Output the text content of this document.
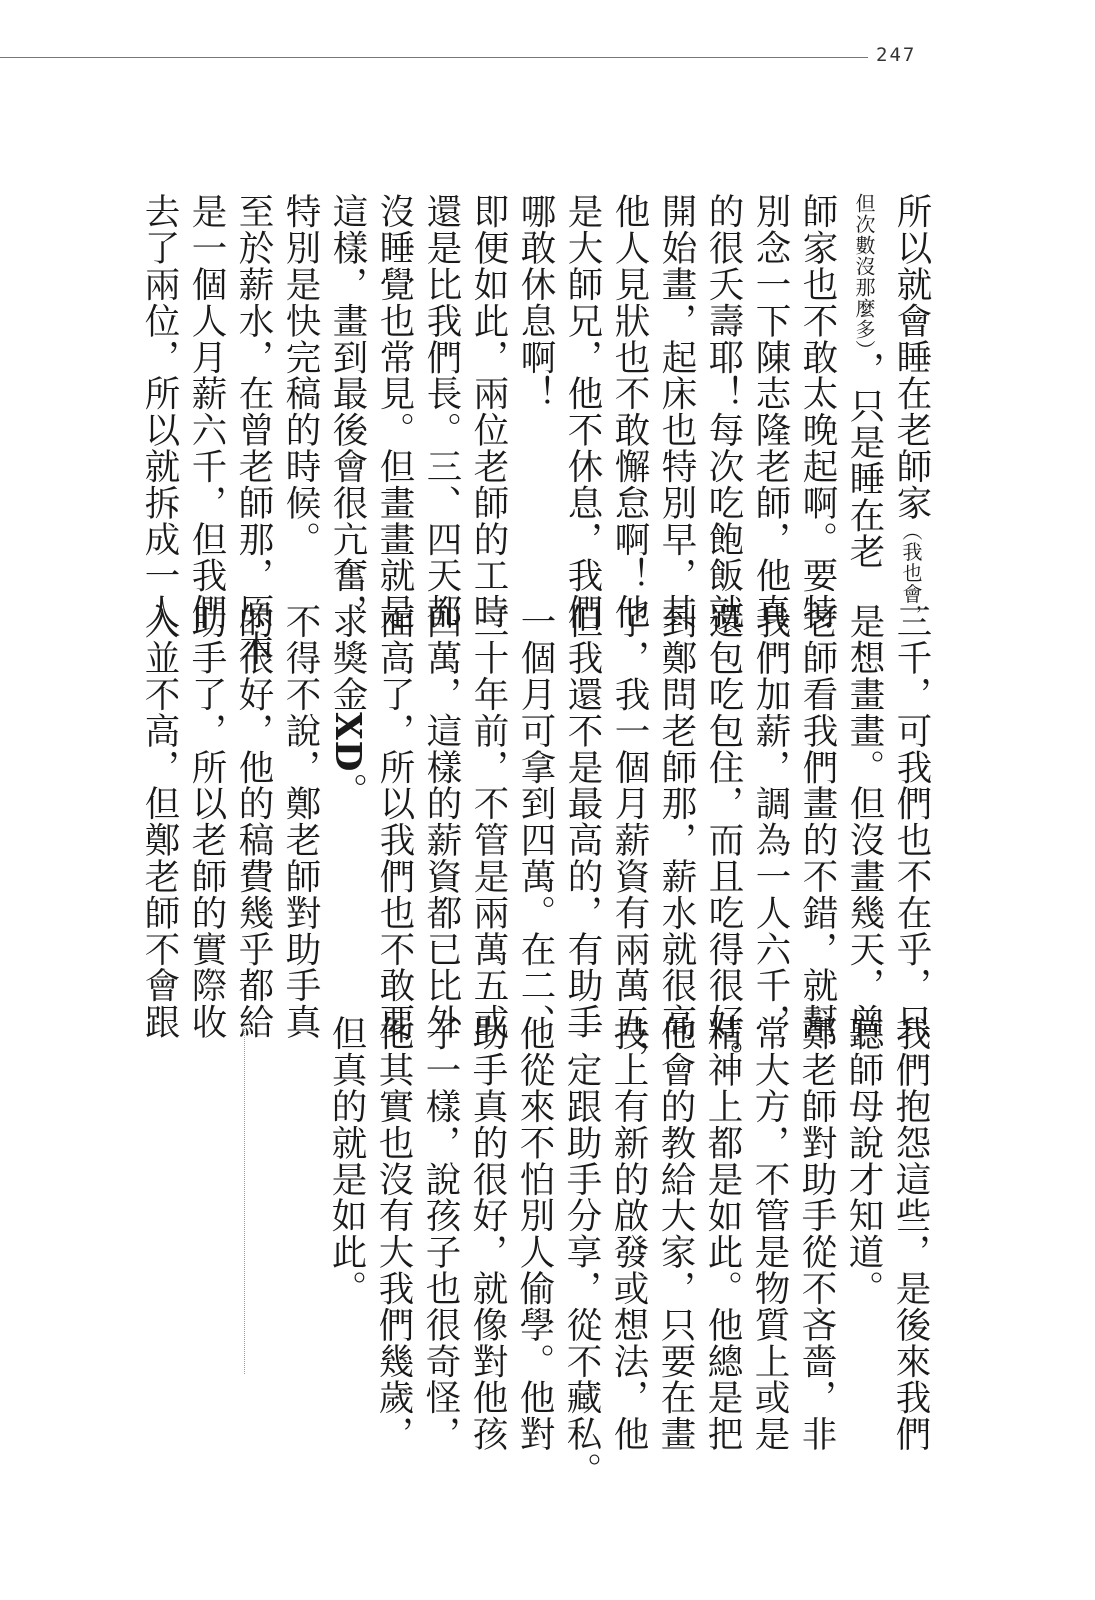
247
所以就會睡在老師家（我也會，
但次數沒那麼多），只是睡在老
師家也不敢太晚起啊。要特
別念一下陳志隆老師，他真
的很夭壽耶！每次吃飽飯就
開始畫，起床也特別早，其
他人見狀也不敢懈怠啊！他
是大師兄，他不休息，我們
哪敢休息啊！
即便如此，兩位老師的工時
還是比我們長。三、四天都
沒睡覺也常見。但畫畫就是
這樣，畫到最後會很亢奮，
特別是快完稿的時候。
至於薪水，在曾老師那，原本
是一個人月薪六千，但我們
去了兩位，所以就拆成一人
三千，可我們也不在乎，只
是想畫畫。但沒畫幾天，曾
老師看我們畫的不錯，就幫
我們加薪，調為一人六千，
還包吃包住，而且吃得很好。
到鄭問老師那，薪水就很高
了，我一個月薪資有兩萬五，
但我還不是最高的，有助手
一個月可拿到四萬。在二、
三十年前，不管是兩萬五或
四萬，這樣的薪資都已比外
面高了，所以我們也不敢要
求獎金XD。
不得不說，鄭老師對助手真
的很好，他的稿費幾乎都給
助手了，所以老師的實際收
入並不高，但鄭老師不會跟
我們抱怨這些，是後來我們
聽師母說才知道。
鄭老師對助手從不吝嗇，非
常大方，不管是物質上或是
精神上都是如此。他總是把
他會的教給大家，只要在畫
技上有新的啟發或想法，他
一定跟助手分享，從不藏私。
他從來不怕別人偷學。他對
助手真的很好，就像對他孩
子一樣，說孩子也很奇怪，
他其實也沒有大我們幾歲，
但真的就是如此。
